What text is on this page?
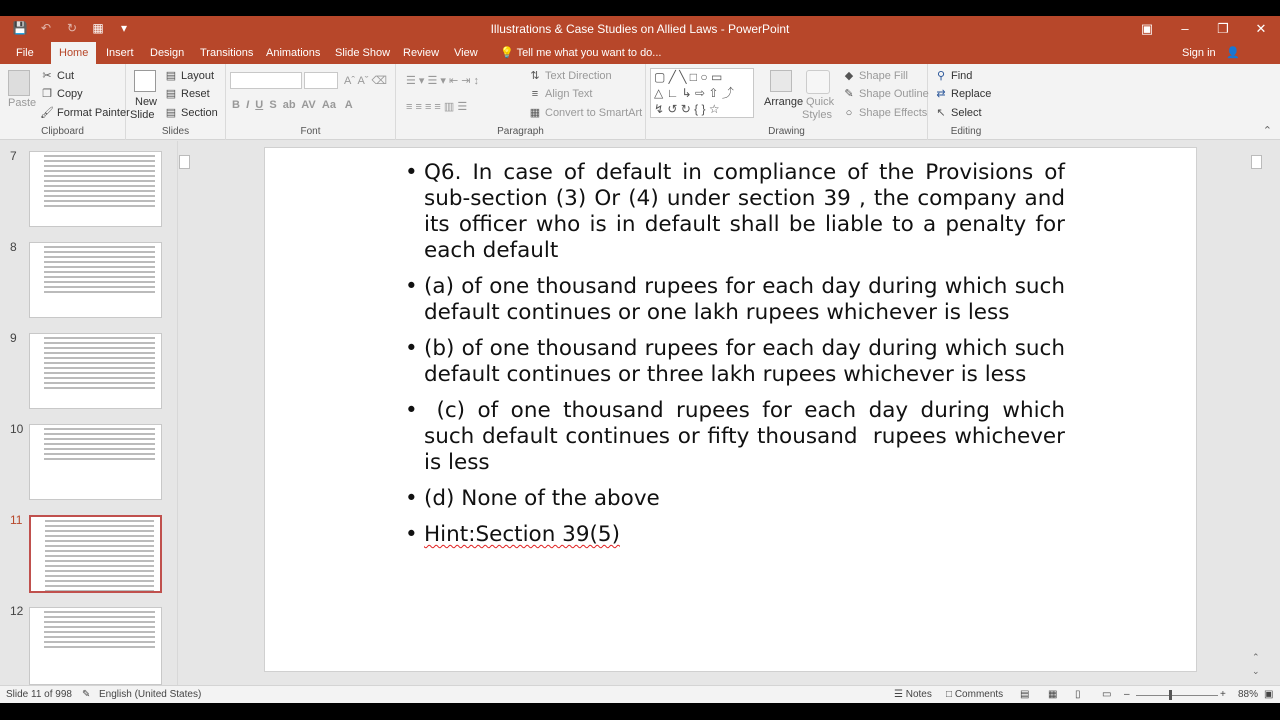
💾 ↶ ↻ ▦	▾	Illustrations & Case Studies on Allied Laws - PowerPoint	▣	–	❐	✕
File	Home	Insert	Design	Transitions	Animations	Slide Show	Review	View	💡 Tell me what you want to do...	Sign in 👤
Paste
✂ Cut
❐ Copy
🖌 Format Painter
Clipboard
New
Slide
▤ Layout
▤ Reset
▤ Section
Slides
Aˆ Aˇ ⌫
B  I U  S  ab  AV  Aa   A
Font
☰ ▾ ☰ ▾ ⇤ ⇥ ↕
≡ ≡ ≡ ≡ ▥ ☰
⇅ Text Direction
≡ Align Text
▦ Convert to SmartArt
Paragraph
▢ ╱ ╲ □ ○ ▭
△ ∟ ↳ ⇨ ⇧ ⤴
↯ ↺ ↻ { } ☆	Arrange Quick
Styles
◆ Shape Fill
✎ Shape Outline
○ Shape Effects
Drawing
⚲ Find
⇄ Replace
↖ Select
Editing	⌃
7
8
9
10
11
12
• Q6. In case of default in compliance of the Provisions of sub-section (3) Or (4) under section 39 , the company and its officer who is in default shall be liable to a penalty for each default
• (a) of one thousand rupees for each day during which such default continues or one lakh rupees whichever is less
• (b) of one thousand rupees for each day during which such default continues or three lakh rupees whichever is less
• (c) of one thousand rupees for each day during which such default continues or fifty thousand  rupees whichever is less
• (d) None of the above
• Hint:Section 39(5)
⌃
⌄
Slide 11 of 998 ✎ English (United States)	☰ Notes □ Comments ▤ ▦ ▯ ▭ –	+ 88% ▣
